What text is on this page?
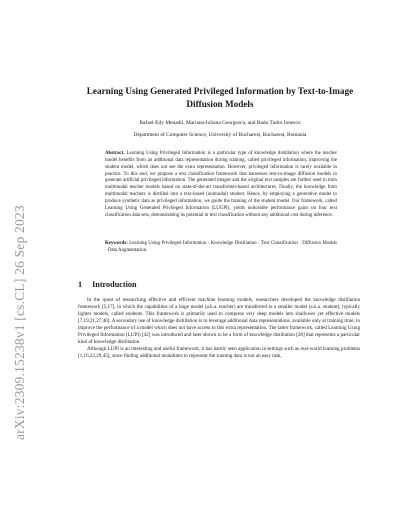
arXiv:2309.15238v1 [cs.CL] 26 Sep 2023
Learning Using Generated Privileged Information by Text-to-Image Diffusion Models
Rafael-Edy Menadil, Mariana-Iuliana Georgescu, and Radu Tudor Ionescu
Department of Computer Science, University of Bucharest, Bucharest, Romania
Abstract. Learning Using Privileged Information is a particular type of knowledge distillation where the teacher model benefits from an additional data representation during training, called privileged information, improving the student model, which does not see the extra representation. However, privileged information is rarely available in practice. To this end, we propose a text classification framework that harnesses text-to-image diffusion models to generate artificial privileged information. The generated images and the original text samples are further used to train multimodal teacher models based on state-of-the-art transformer-based architectures. Finally, the knowledge from multimodal teachers is distilled into a text-based (unimodal) student. Hence, by employing a generative model to produce synthetic data as privileged information, we guide the training of the student model. Our framework, called Learning Using Generated Privileged Information (LUGPI), yields noticeable performance gains on four text classification data sets, demonstrating its potential in text classification without any additional cost during inference.
Keywords: Learning Using Privileged Information · Knowledge Distillation · Text Classification · Diffusion Models · Data Augmentation.
1 Introduction

In the quest of researching effective and efficient machine learning models, researchers developed the knowledge distillation framework [5,17], in which the capabilities of a large model (a.k.a. teacher) are transferred to a smaller model (a.k.a. student), typically lighter models, called students. This framework is primarily used to compress very deep models into shallower yet effective models [7,19,21,27,40]. A secondary use of knowledge distillation is to leverage additional data representations, available only at training time, to improve the performance of a model which does not have access to this extra representation. The latter framework, called Learning Using Privileged Information (LUPI) [42] was introduced and later shown to be a form of knowledge distillation [28] that represents a particular kind of knowledge distillation.

Although LUPI is an interesting and useful framework, it has barely seen application in settings such as real-world learning problems [1,16,22,29,45], since finding additional modalities to represent the training data is not an easy task,
